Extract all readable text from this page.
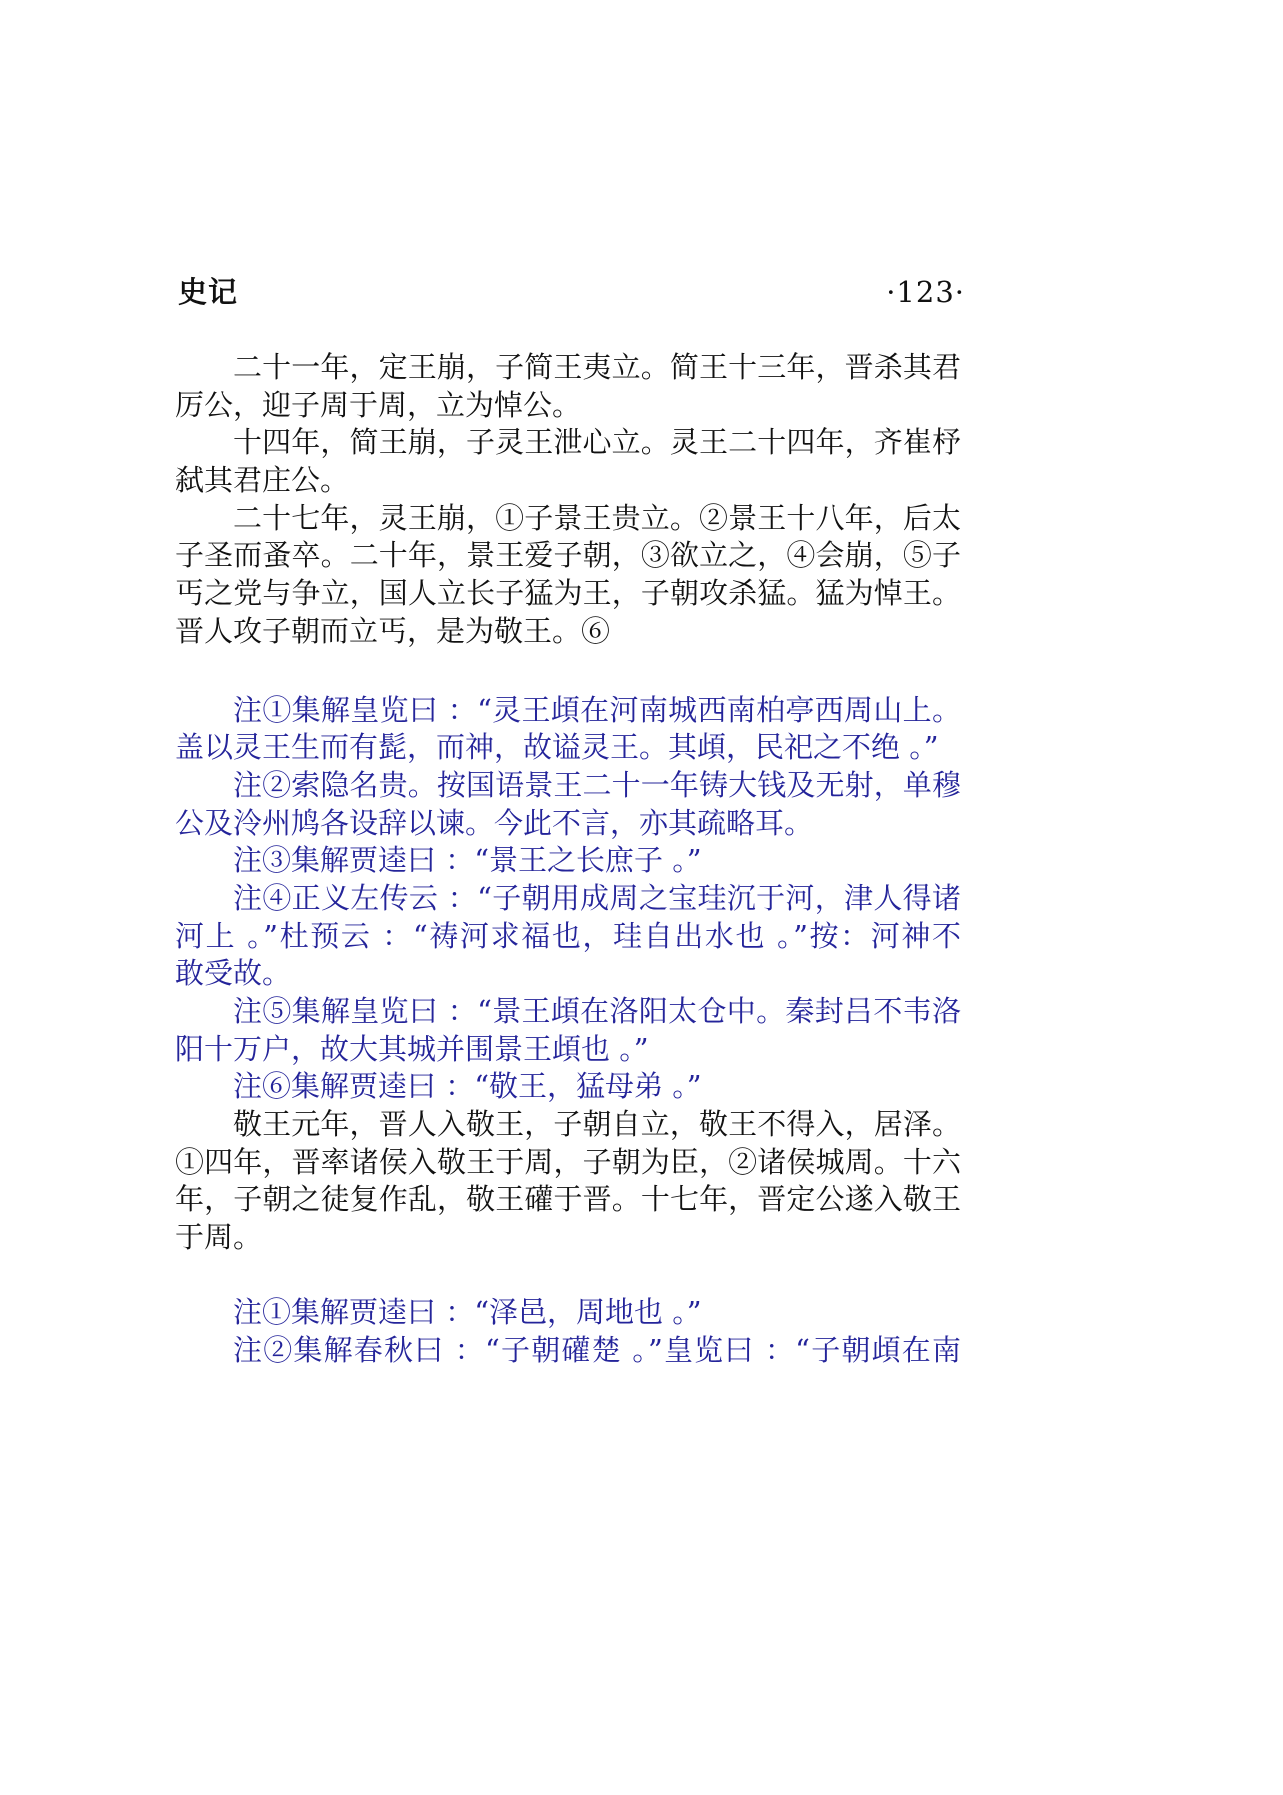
史记	·123·
二十一年，定王崩，子简王夷立。简王十三年，晋杀其君
厉公，迎子周于周，立为悼公。
十四年，简王崩，子灵王泄心立。灵王二十四年，齐崔杼
弑其君庄公。
二十七年，灵王崩，①子景王贵立。②景王十八年，后太
子圣而蚤卒。二十年，景王爱子朝，③欲立之，④会崩，⑤子
丐之党与争立，国人立长子猛为王，子朝攻杀猛。猛为悼王。
晋人攻子朝而立丐，是为敬王。⑥
注①集解皇览曰 ：“灵王頉在河南城西南柏亭西周山上。
盖以灵王生而有髭，而神，故谥灵王。其頉，民祀之不绝 。”
注②索隐名贵。按国语景王二十一年铸大钱及无射，单穆
公及泠州鸠各设辞以谏。今此不言，亦其疏略耳。
注③集解贾逵曰 ：“景王之长庶子 。”
注④正义左传云 ：“子朝用成周之宝珪沉于河，津人得诸
河上 。”杜预云 ：“祷河求福也，珪自出水也 。”按：河神不
敢受故。
注⑤集解皇览曰 ：“景王頉在洛阳太仓中。秦封吕不韦洛
阳十万户，故大其城并围景王頉也 。”
注⑥集解贾逵曰 ：“敬王，猛母弟 。”
敬王元年，晋人入敬王，子朝自立，敬王不得入，居泽。
①四年，晋率诸侯入敬王于周，子朝为臣，②诸侯城周。十六
年，子朝之徒复作乱，敬王礶于晋。十七年，晋定公遂入敬王
于周。
注①集解贾逵曰 ：“泽邑，周地也 。”
注②集解春秋曰 ：“子朝礶楚 。”皇览曰 ：“子朝頉在南
